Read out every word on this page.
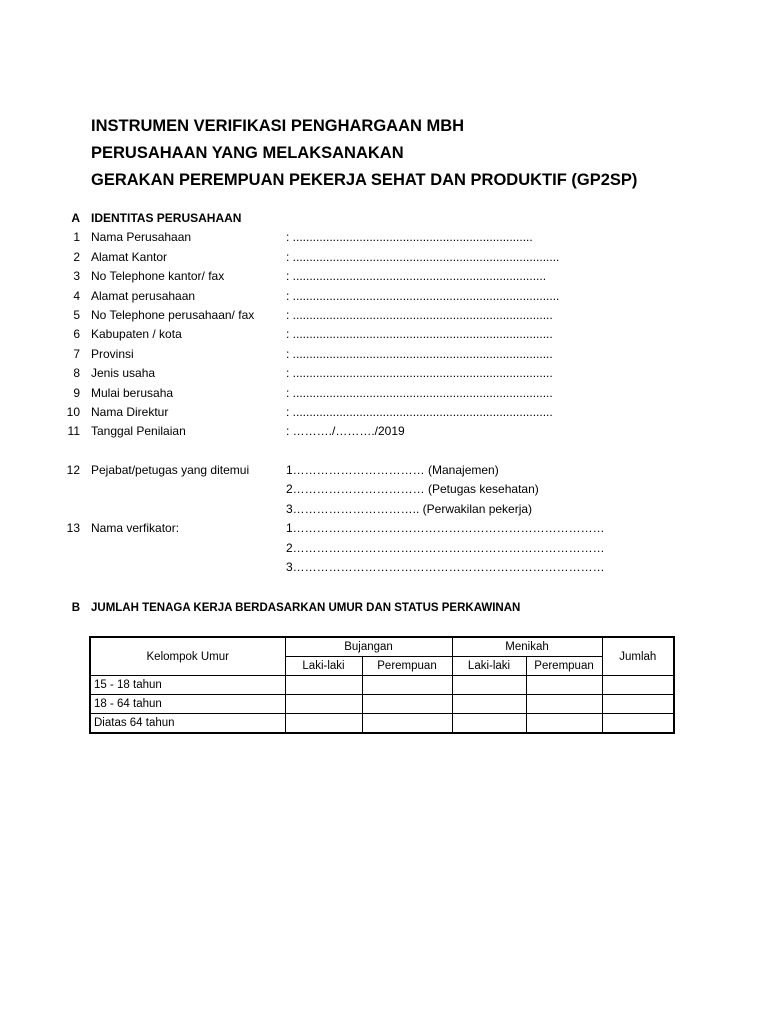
INSTRUMEN VERIFIKASI PENGHARGAAN MBH
PERUSAHAAN YANG MELAKSANAKAN
GERAKAN PEREMPUAN PEKERJA SEHAT DAN PRODUKTIF (GP2SP)
A IDENTITAS PERUSAHAAN
1 Nama Perusahaan	: ........................................................................
2 Alamat Kantor	: ................................................................................
3 No Telephone kantor/ fax	: ............................................................................
4 Alamat perusahaan	: ................................................................................
5 No Telephone perusahaan/ fax	: ..............................................................................
6 Kabupaten / kota	: ..............................................................................
7 Provinsi	: ..............................................................................
8 Jenis usaha	: ..............................................................................
9 Mulai berusaha	: ..............................................................................
10 Nama Direktur	: ..............................................................................
11 Tanggal Penilaian	: ………./………./2019
12 Pejabat/petugas yang ditemui	1…………………………… (Manajemen)
2…………………………… (Petugas kesehatan)
3………………………….. (Perwakilan pekerja)
13 Nama verfikator:	1……………………………………………………………………
2……………………………………………………………………
3……………………………………………………………………
B JUMLAH TENAGA KERJA BERDASARKAN UMUR DAN STATUS PERKAWINAN
Kelompok Umur	Bujangan		Menikah		Jumlah
	Laki-laki	Perempuan	Laki-laki	Perempuan	
15 - 18 tahun					
18 - 64 tahun					
Diatas 64 tahun					
